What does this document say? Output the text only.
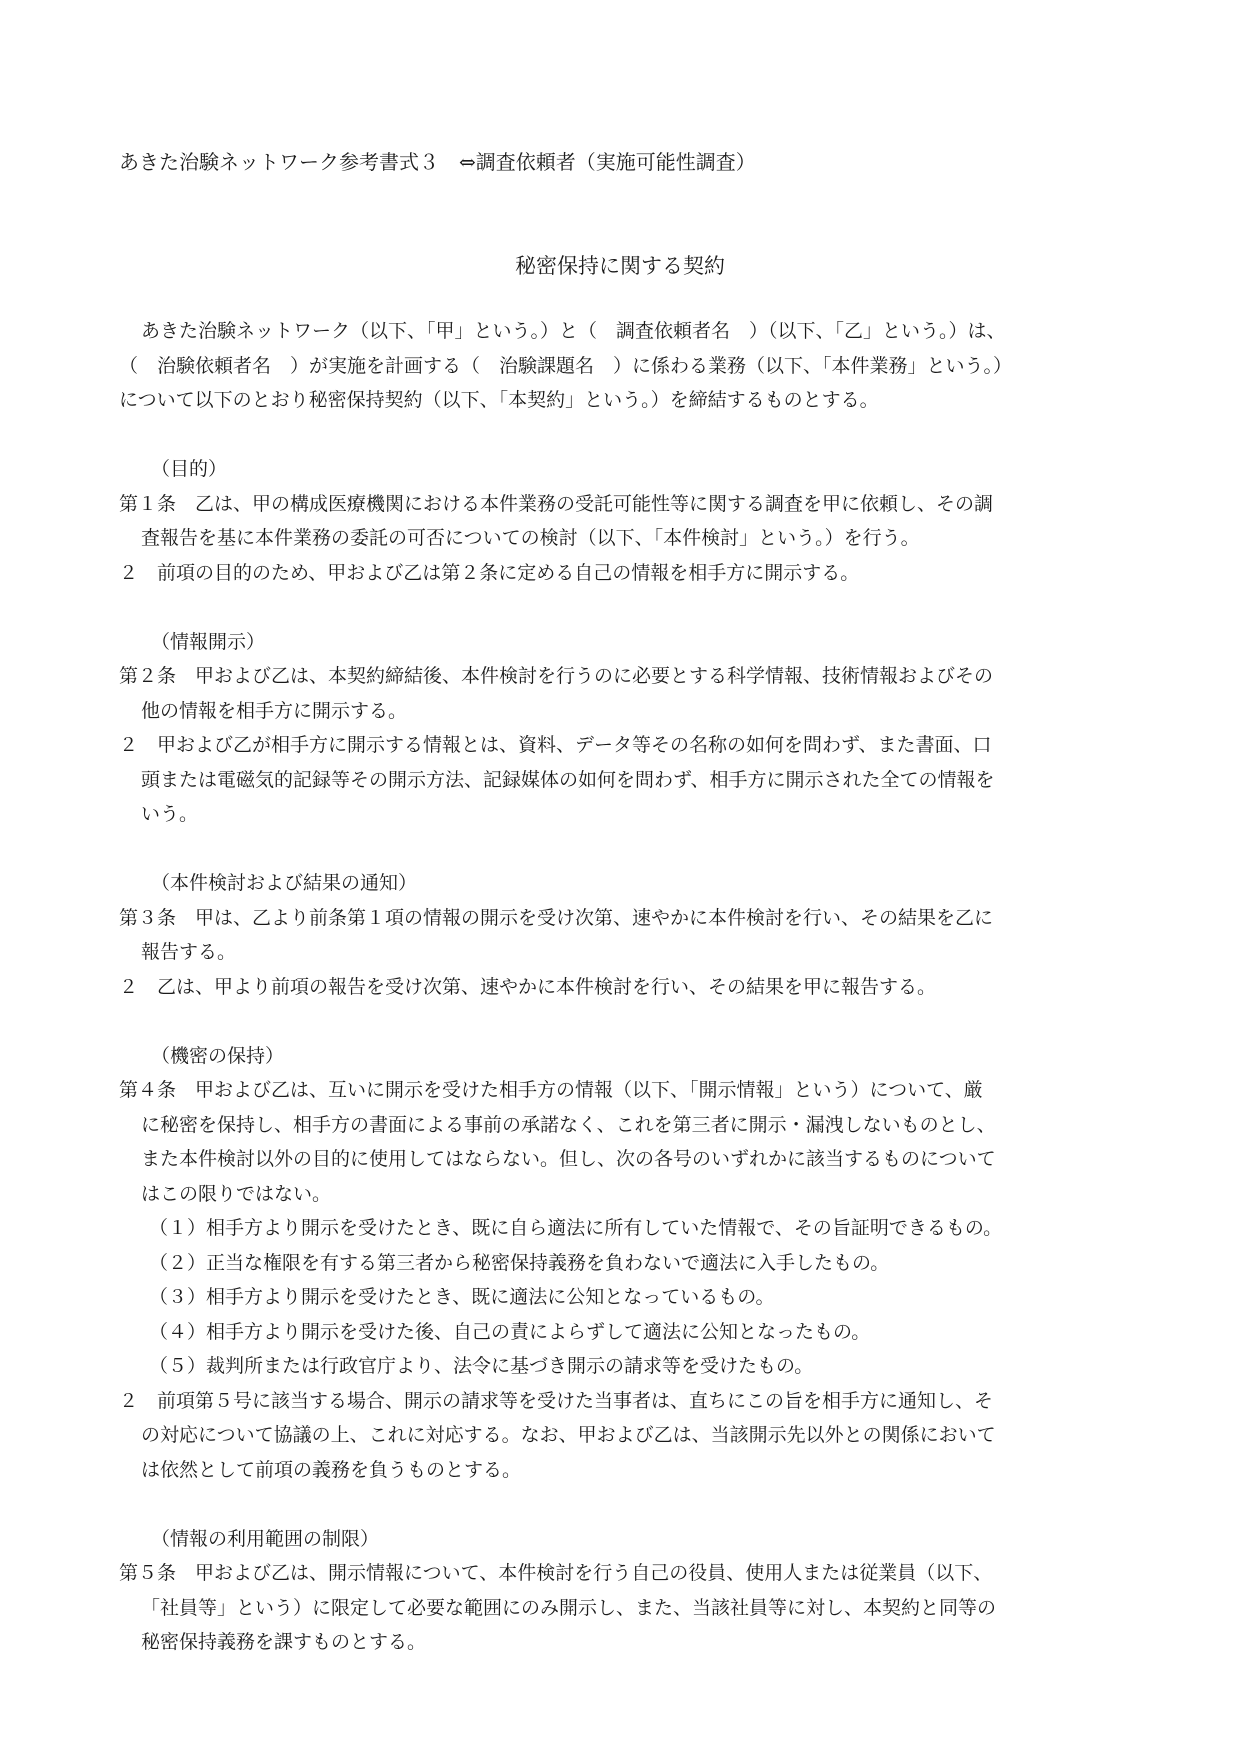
あきた治験ネットワーク参考書式３　⇔調査依頼者（実施可能性調査）
秘密保持に関する契約
あきた治験ネットワーク（以下、「甲」という。）と（　調査依頼者名　）（以下、「乙」という。）は、
（　治験依頼者名　）が実施を計画する（　治験課題名　）に係わる業務（以下、「本件業務」という。）
について以下のとおり秘密保持契約（以下、「本契約」という。）を締結するものとする。
（目的）
第１条　乙は、甲の構成医療機関における本件業務の受託可能性等に関する調査を甲に依頼し、その調
査報告を基に本件業務の委託の可否についての検討（以下、「本件検討」という。）を行う。
２　前項の目的のため、甲および乙は第２条に定める自己の情報を相手方に開示する。
（情報開示）
第２条　甲および乙は、本契約締結後、本件検討を行うのに必要とする科学情報、技術情報およびその
他の情報を相手方に開示する。
２　甲および乙が相手方に開示する情報とは、資料、データ等その名称の如何を問わず、また書面、口
頭または電磁気的記録等その開示方法、記録媒体の如何を問わず、相手方に開示された全ての情報を
いう。
（本件検討および結果の通知）
第３条　甲は、乙より前条第１項の情報の開示を受け次第、速やかに本件検討を行い、その結果を乙に
報告する。
２　乙は、甲より前項の報告を受け次第、速やかに本件検討を行い、その結果を甲に報告する。
（機密の保持）
第４条　甲および乙は、互いに開示を受けた相手方の情報（以下、「開示情報」という）について、厳
に秘密を保持し、相手方の書面による事前の承諾なく、これを第三者に開示・漏洩しないものとし、
また本件検討以外の目的に使用してはならない。但し、次の各号のいずれかに該当するものについて
はこの限りではない。
（１）相手方より開示を受けたとき、既に自ら適法に所有していた情報で、その旨証明できるもの。
（２）正当な権限を有する第三者から秘密保持義務を負わないで適法に入手したもの。
（３）相手方より開示を受けたとき、既に適法に公知となっているもの。
（４）相手方より開示を受けた後、自己の責によらずして適法に公知となったもの。
（５）裁判所または行政官庁より、法令に基づき開示の請求等を受けたもの。
２　前項第５号に該当する場合、開示の請求等を受けた当事者は、直ちにこの旨を相手方に通知し、そ
の対応について協議の上、これに対応する。なお、甲および乙は、当該開示先以外との関係において
は依然として前項の義務を負うものとする。
（情報の利用範囲の制限）
第５条　甲および乙は、開示情報について、本件検討を行う自己の役員、使用人または従業員（以下、
「社員等」という）に限定して必要な範囲にのみ開示し、また、当該社員等に対し、本契約と同等の
秘密保持義務を課すものとする。
